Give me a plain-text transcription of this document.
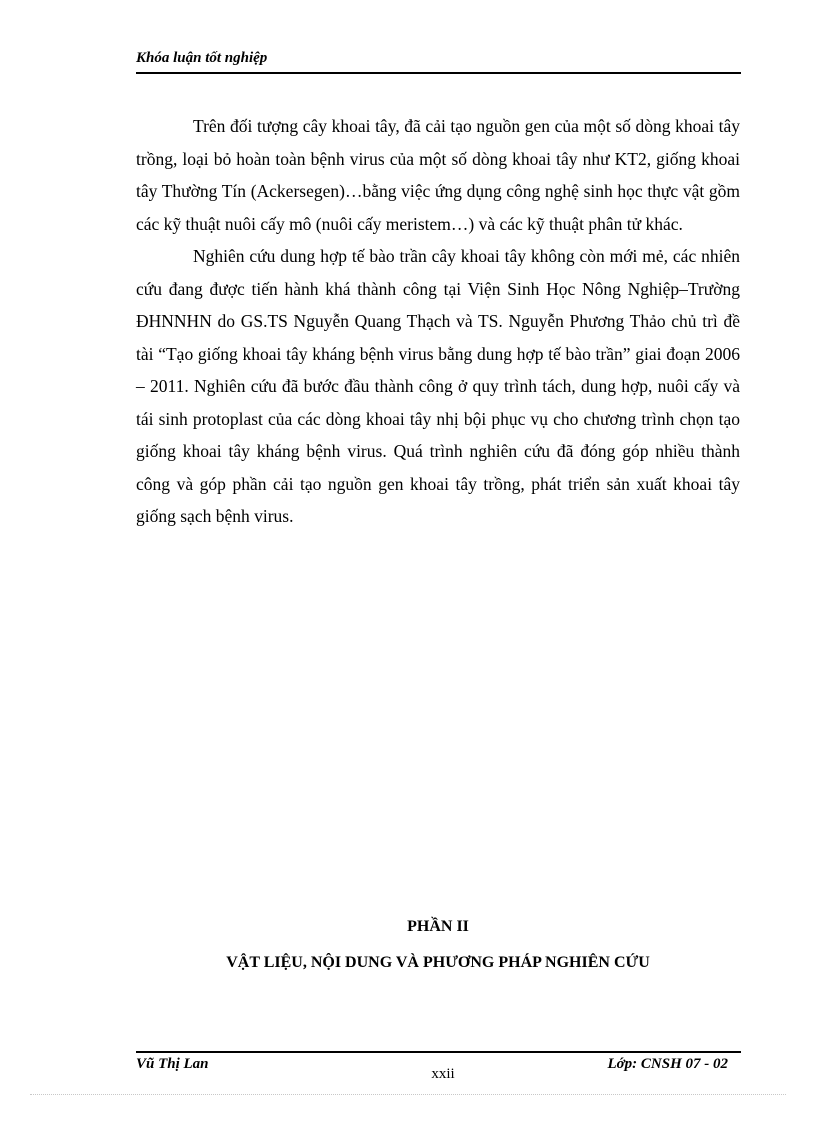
Khóa luận tốt nghiệp

Trên đối tượng cây khoai tây, đã cải tạo nguồn gen của một số dòng khoai tây trồng, loại bỏ hoàn toàn bệnh virus của một số dòng khoai tây như KT2, giống khoai tây Thường Tín (Ackersegen)…bằng việc ứng dụng công nghệ sinh học thực vật gồm các kỹ thuật nuôi cấy mô (nuôi cấy meristem…) và các kỹ thuật phân tử khác.

Nghiên cứu dung hợp tế bào trần cây khoai tây không còn mới mẻ, các nhiên cứu đang được tiến hành khá thành công tại Viện Sinh Học Nông Nghiệp–Trường ĐHNNHN do GS.TS Nguyễn Quang Thạch và TS. Nguyễn Phương Thảo chủ trì đề tài “Tạo giống khoai tây kháng bệnh virus bằng dung hợp tế bào trần” giai đoạn 2006 – 2011. Nghiên cứu đã bước đầu thành công ở quy trình tách, dung hợp, nuôi cấy và tái sinh protoplast của các dòng khoai tây nhị bội phục vụ cho chương trình chọn tạo giống khoai tây kháng bệnh virus. Quá trình nghiên cứu đã đóng góp nhiều thành công và góp phần cải tạo nguồn gen khoai tây trồng, phát triển sản xuất khoai tây giống sạch bệnh virus.

PHẦN II
VẬT LIỆU, NỘI DUNG VÀ PHƯƠNG PHÁP NGHIÊN CỨU
Vũ Thị Lan
xxii
Lớp: CNSH 07 - 02
